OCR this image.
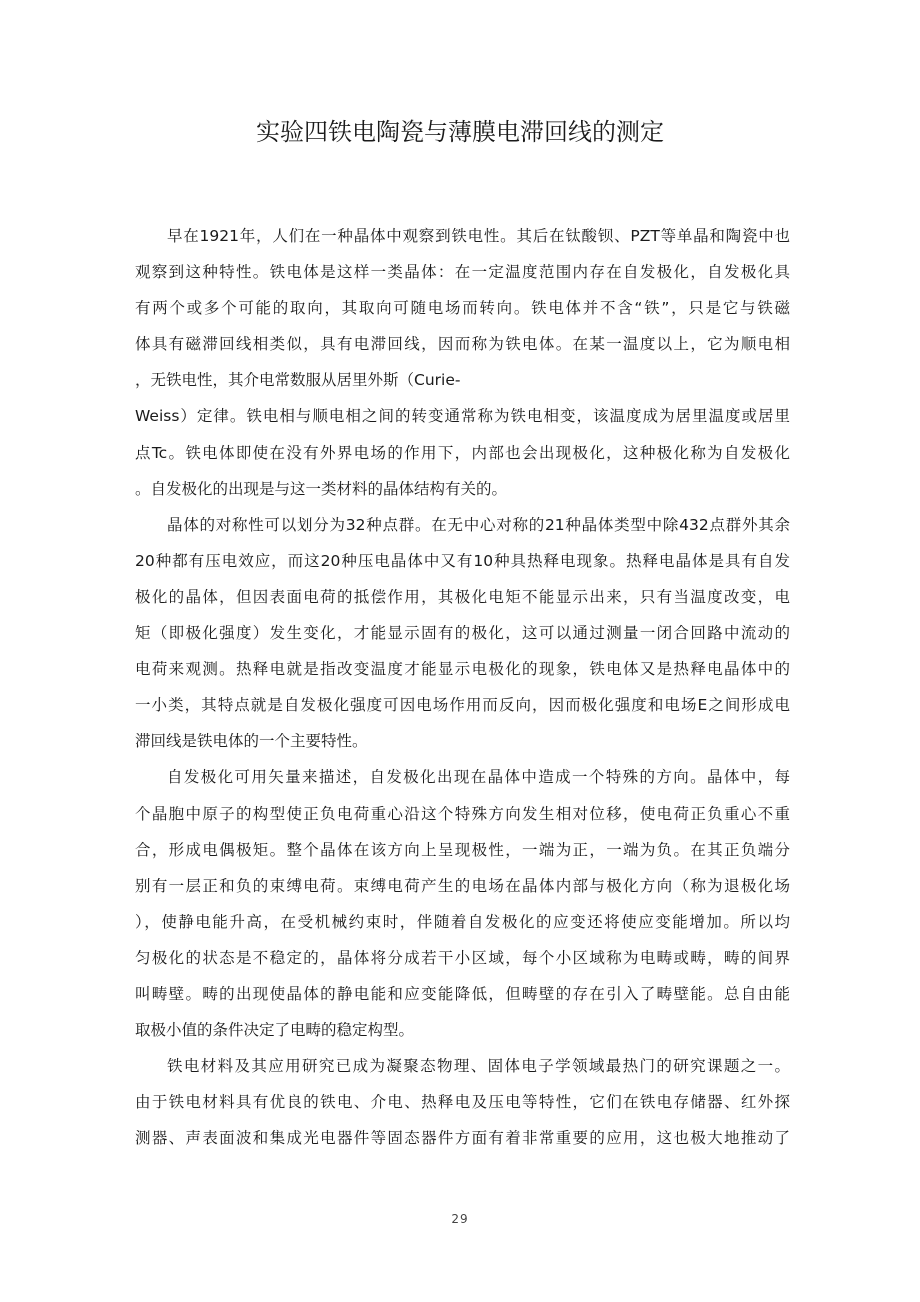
实验四铁电陶瓷与薄膜电滞回线的测定
早在1921年，人们在一种晶体中观察到铁电性。其后在钛酸钡、PZT等单晶和陶瓷中也
观察到这种特性。铁电体是这样一类晶体：在一定温度范围内存在自发极化，自发极化具
有两个或多个可能的取向，其取向可随电场而转向。铁电体并不含“铁”，只是它与铁磁
体具有磁滞回线相类似，具有电滞回线，因而称为铁电体。在某一温度以上，它为顺电相
，无铁电性，其介电常数服从居里外斯（Curie-
Weiss）定律。铁电相与顺电相之间的转变通常称为铁电相变，该温度成为居里温度或居里
点Tc。铁电体即使在没有外界电场的作用下，内部也会出现极化，这种极化称为自发极化
。自发极化的出现是与这一类材料的晶体结构有关的。
晶体的对称性可以划分为32种点群。在无中心对称的21种晶体类型中除432点群外其余
20种都有压电效应，而这20种压电晶体中又有10种具热释电现象。热释电晶体是具有自发
极化的晶体，但因表面电荷的抵偿作用，其极化电矩不能显示出来，只有当温度改变，电
矩（即极化强度）发生变化，才能显示固有的极化，这可以通过测量一闭合回路中流动的
电荷来观测。热释电就是指改变温度才能显示电极化的现象，铁电体又是热释电晶体中的
一小类，其特点就是自发极化强度可因电场作用而反向，因而极化强度和电场E之间形成电
滞回线是铁电体的一个主要特性。
自发极化可用矢量来描述，自发极化出现在晶体中造成一个特殊的方向。晶体中，每
个晶胞中原子的构型使正负电荷重心沿这个特殊方向发生相对位移，使电荷正负重心不重
合，形成电偶极矩。整个晶体在该方向上呈现极性，一端为正，一端为负。在其正负端分
别有一层正和负的束缚电荷。束缚电荷产生的电场在晶体内部与极化方向（称为退极化场
），使静电能升高，在受机械约束时，伴随着自发极化的应变还将使应变能增加。所以均
匀极化的状态是不稳定的，晶体将分成若干小区域，每个小区域称为电畴或畴，畴的间界
叫畴壁。畴的出现使晶体的静电能和应变能降低，但畴壁的存在引入了畴壁能。总自由能
取极小值的条件决定了电畴的稳定构型。
铁电材料及其应用研究已成为凝聚态物理、固体电子学领域最热门的研究课题之一。
由于铁电材料具有优良的铁电、介电、热释电及压电等特性，它们在铁电存储器、红外探
测器、声表面波和集成光电器件等固态器件方面有着非常重要的应用，这也极大地推动了
29
